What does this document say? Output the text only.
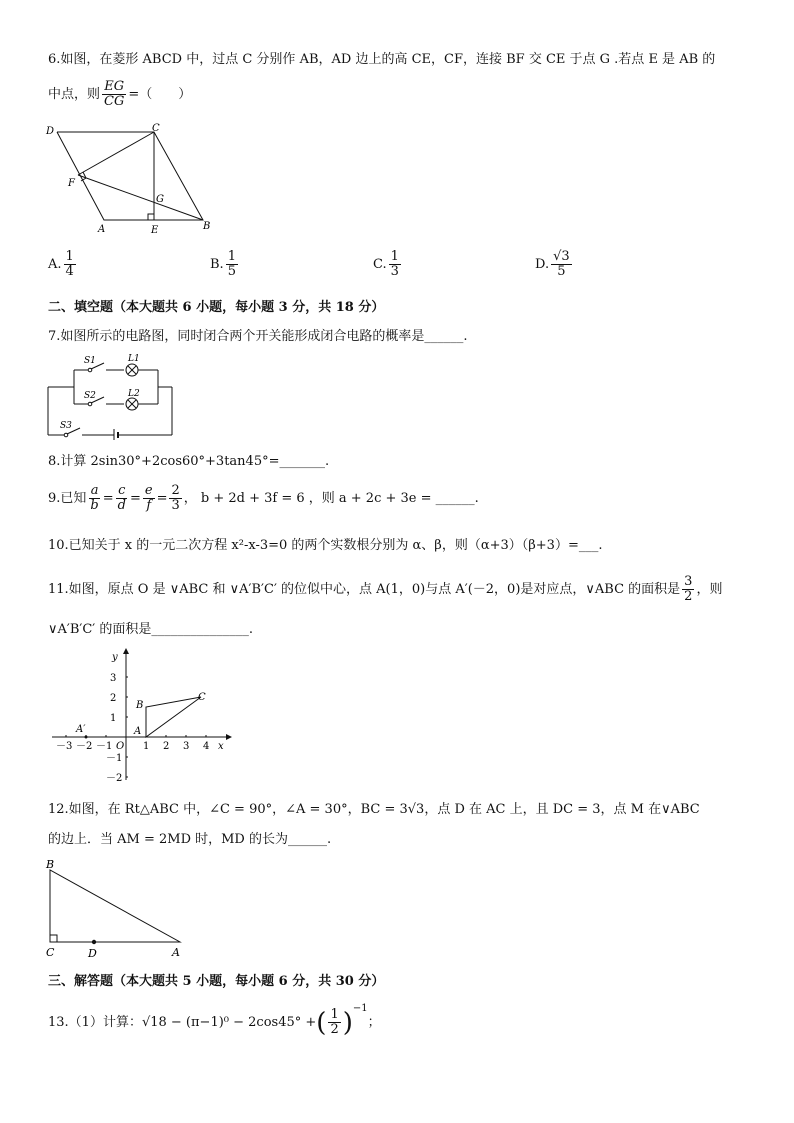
6.如图，在菱形 ABCD 中，过点 C 分别作 AB，AD 边上的高 CE，CF，连接 BF 交 CE 于点 G .若点 E 是 AB 的
中点，则 $\frac{EG}{CG}$ =（　　）
D	C
F
G
A	E	B
A. $\frac{1}{4}$	B. $\frac{1}{5}$	C. $\frac{1}{3}$	D. $\frac{√3}{5}$
二、填空题（本大题共 6 小题，每小题 3 分，共 18 分）
7.如图所示的电路图，同时闭合两个开关能形成闭合电路的概率是______.
S1	L1
S2	L2
S3
8.计算 2sin30°+2cos60°+3tan45°=_______.
9.已知 $\frac{a}{b} = \frac{c}{d} = \frac{e}{f} = \frac{2}{3}$ ， b + 2d + 3f = 6 ，则 a + 2c + 3e = ______.
10.已知关于 x 的一元二次方程 x²-x-3=0 的两个实数根分别为 α、β，则（α+3）（β+3）=___.
11.如图，原点 O 是 ∨ABC 和 ∨A′B′C′ 的位似中心，点 A(1，0)与点 A′(－2，0)是对应点，∨ABC 的面积是 $\frac{3}{2}$ ，则
∨A′B′C′ 的面积是_______________.
－3 －2 －1 O 1 2 3 4 x
y
3
2
1
－1
－2
A
B
C
A′
12.如图，在 Rt△ABC 中，∠C = 90°，∠A = 30°，BC = 3√3，点 D 在 AC 上，且 DC = 3，点 M 在∨ABC
的边上．当 AM = 2MD 时，MD 的长为______.
B
C	D	A
三、解答题（本大题共 5 小题，每小题 6 分，共 30 分）
13.（1）计算： √18 − (π−1)⁰ − 2cos45° + ( $\frac{1}{2}$ ) −1
；
